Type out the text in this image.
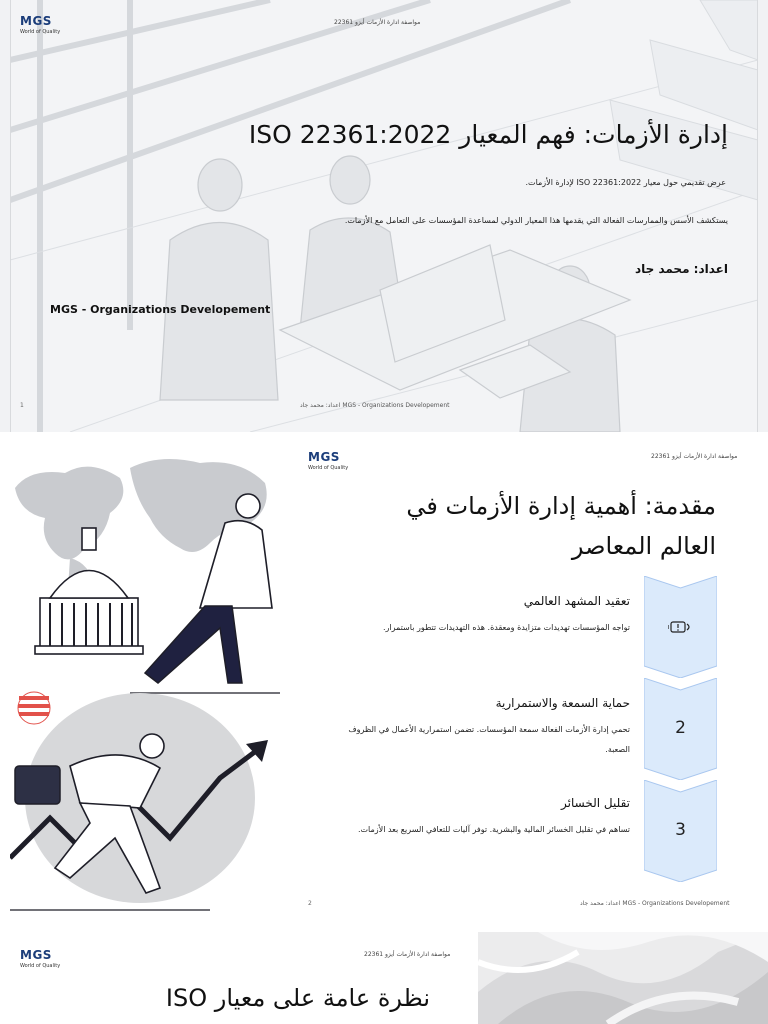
MGS
World of Quality
مواصفة ادارة الأزمات أيزو 22361
إدارة الأزمات: فهم المعيار ISO 22361:2022
عرض تقديمي حول معيار ISO 22361:2022 لإدارة الأزمات.
يستكشف الأسس والممارسات الفعالة التي يقدمها هذا المعيار الدولي لمساعدة المؤسسات على التعامل مع الأزمات.
اعداد: محمد جاد
MGS - Organizations Developement
MGS - Organizations Developement اعداد: محمد جاد
1
MGS
World of Quality
مواصفة ادارة الأزمات أيزو 22361
مقدمة: أهمية إدارة الأزمات في العالم المعاصر
تعقيد المشهد العالمي
تواجه المؤسسات تهديدات متزايدة ومعقدة. هذه التهديدات تتطور باستمرار.
2
حماية السمعة والاستمرارية
تحمي إدارة الأزمات الفعالة سمعة المؤسسات. تضمن استمرارية الأعمال في الظروف الصعبة.
3
تقليل الخسائر
تساهم في تقليل الخسائر المالية والبشرية. توفر آليات للتعافي السريع بعد الأزمات.
MGS - Organizations Developement اعداد: محمد جاد
2
MGS
World of Quality
مواصفة ادارة الأزمات أيزو 22361
نظرة عامة على معيار ISO
